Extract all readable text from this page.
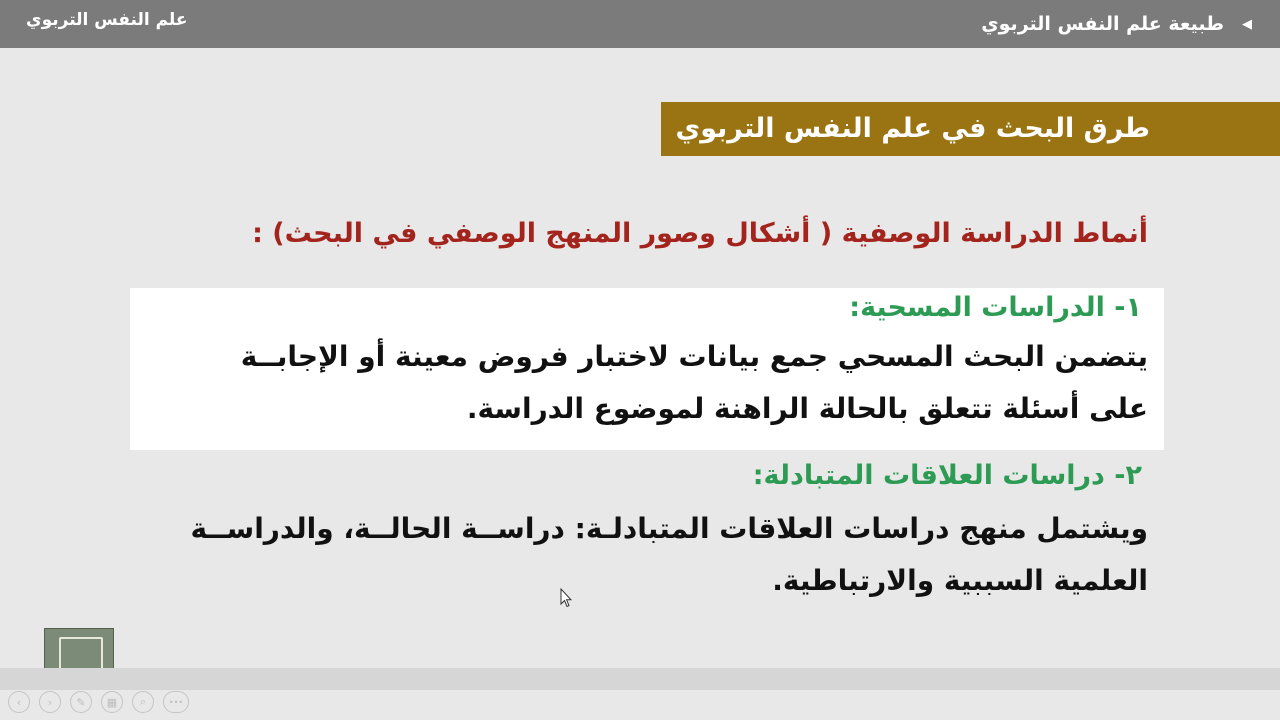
◀
طبيعة علم النفس التربوي
علم النفس التربوي
طرق البحث في علم النفس التربوي
أنماط الدراسة الوصفية ( أشكال وصور المنهج الوصفي في البحث) :
١- الدراسات المسحية:
يتضمن البحث المسحي جمع بيانات لاختبار فروض معينة أو الإجابــة
على أسئلة تتعلق بالحالة الراهنة لموضوع الدراسة.
٢- دراسات العلاقات المتبادلة:
ويشتمل منهج دراسات العلاقات المتبادلـة: دراســة الحالــة، والدراســة
العلمية السببية والارتباطية.
‹	›	✎	▦	⌕	•••
